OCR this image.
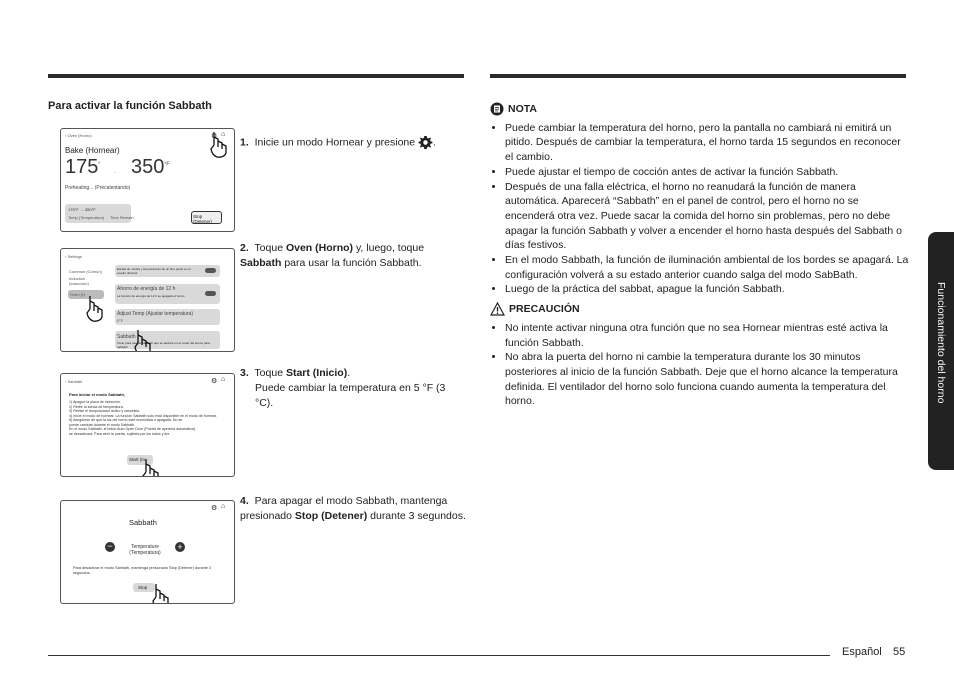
Para activar la función Sabbath
‹ Oven (Horno)	⚙ ⌂
Bake (Hornear)
175°
→ $350^{^\circ F}$
Preheating... (Precalentando)
175°F → 350°F
Temp (Temperatura) Time Remain	Stop (Detener)
‹ Settings
Common (Común)
Induction (Inducción)
Oven (H
Escala de modos y temperaturas de un fino punto en el cuadro discutor
Ahorro de energía de 12 h
La función de energía de 12 h se apagará el horno
Adjust Temp (Ajustar temperatura)
0°F
Sabbath
Tocar para usar al Sabbath que se declare en el modo del Horno para sabbath
‹ Sabbath	⚙ ⌂
Para iniciar el modo Sabbath,
1) Apague la placa de inducción.
2) Retire la sonda de temperatura.
3) Revise el temporizador activo y cancélelo.
4) Inicie el modo de hornear. La función Sabbath solo está disponible en el modo de hornear.
5) Asegúrese de que la luz del horno esté encendida o apagada. No se
puede cambiar durante el modo Sabbath.
En el modo Sabbath, el botón Auto Open Door (Puerta de apertura automática)
se desactivará. Para abrir la puerta, sujétela por los lados y tire.
Start (In
⚙ ⌂
Sabbath
−	Temperature (Temperatura)
+
Para desactivar el modo Sabbath, mantenga presionado Stop (Detener) durante 3 segundos.
Stop
1. Inicie un modo Hornear y presione .
2. Toque Oven (Horno) y, luego, toque Sabbath para usar la función Sabbath.
3. Toque Start (Inicio).
Puede cambiar la temperatura en 5 °F (3 °C).
4. Para apagar el modo Sabbath, mantenga presionado Stop (Detener) durante 3 segundos.
NOTA
• Puede cambiar la temperatura del horno, pero la pantalla no cambiará ni emitirá un pitido. Después de cambiar la temperatura, el horno tarda 15 segundos en reconocer el cambio.
• Puede ajustar el tiempo de cocción antes de activar la función Sabbath.
• Después de una falla eléctrica, el horno no reanudará la función de manera automática. Aparecerá “Sabbath” en el panel de control, pero el horno no se encenderá otra vez. Puede sacar la comida del horno sin problemas, pero no debe apagar la función Sabbath y volver a encender el horno hasta después del Sabbath o días festivos.
• En el modo Sabbath, la función de iluminación ambiental de los bordes se apagará. La configuración volverá a su estado anterior cuando salga del modo SabBath.
• Luego de la práctica del sabbat, apague la función Sabbath.
PRECAUCIÓN
• No intente activar ninguna otra función que no sea Hornear mientras esté activa la función Sabbath.
• No abra la puerta del horno ni cambie la temperatura durante los 30 minutos posteriores al inicio de la función Sabbath. Deje que el horno alcance la temperatura definida. El ventilador del horno solo funciona cuando aumenta la temperatura del horno.	Funcionamiento del horno
Español 55
